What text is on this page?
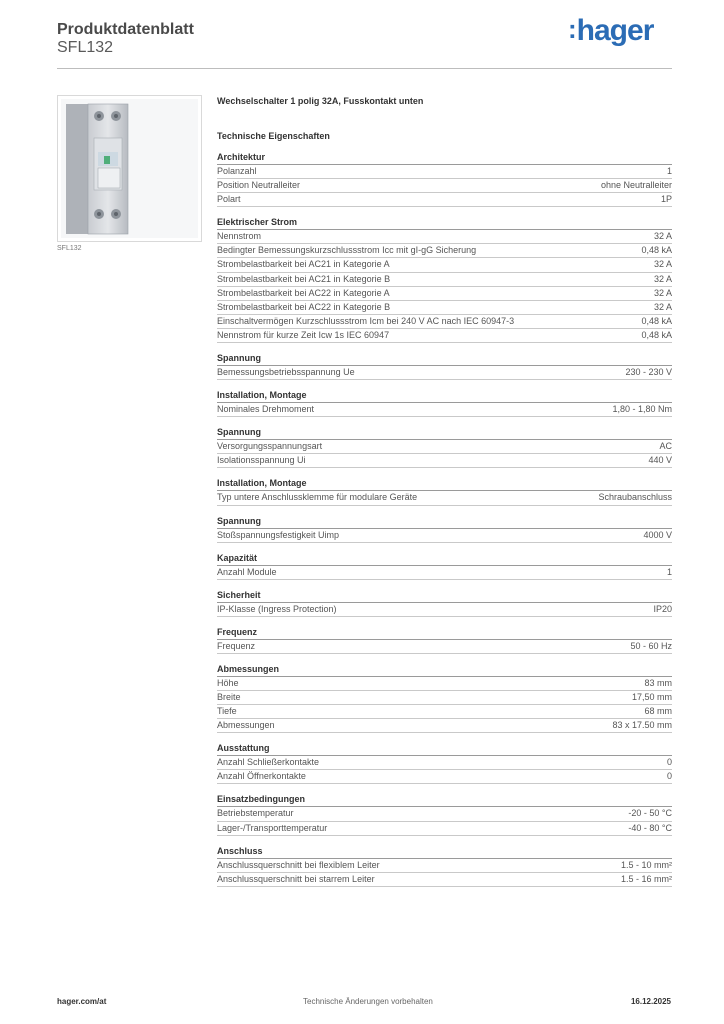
Produktdatenblatt
SFL132
:hager
SFL132
Wechselschalter 1 polig 32A, Fusskontakt unten
Technische Eigenschaften
Architektur
Polanzahl	1
Position Neutralleiter	ohne Neutralleiter
Polart	1P
Elektrischer Strom
Nennstrom	32 A
Bedingter Bemessungskurzschlussstrom Icc mit gI-gG Sicherung	0,48 kA
Strombelastbarkeit bei AC21 in Kategorie A	32 A
Strombelastbarkeit bei AC21 in Kategorie B	32 A
Strombelastbarkeit bei AC22 in Kategorie A	32 A
Strombelastbarkeit bei AC22 in Kategorie B	32 A
Einschaltvermögen Kurzschlussstrom Icm bei 240 V AC nach IEC 60947-3	0,48 kA
Nennstrom für kurze Zeit Icw 1s IEC 60947	0,48 kA
Spannung
Bemessungsbetriebsspannung Ue	230 - 230 V
Installation, Montage
Nominales Drehmoment	1,80 - 1,80 Nm
Spannung
Versorgungsspannungsart	AC
Isolationsspannung Ui	440 V
Installation, Montage
Typ untere Anschlussklemme für modulare Geräte	Schraubanschluss
Spannung
Stoßspannungsfestigkeit Uimp	4000 V
Kapazität
Anzahl Module	1
Sicherheit
IP-Klasse (Ingress Protection)	IP20
Frequenz
Frequenz	50 - 60 Hz
Abmessungen
Höhe	83 mm
Breite	17,50 mm
Tiefe	68 mm
Abmessungen	83 x 17.50 mm
Ausstattung
Anzahl Schließerkontakte	0
Anzahl Öffnerkontakte	0
Einsatzbedingungen
Betriebstemperatur	-20 - 50 °C
Lager-/Transporttemperatur	-40 - 80 °C
Anschluss
Anschlussquerschnitt bei flexiblem Leiter	1.5 - 10 mm²
Anschlussquerschnitt bei starrem Leiter	1.5 - 16 mm²
hager.com/at	Technische Änderungen vorbehalten	16.12.2025
